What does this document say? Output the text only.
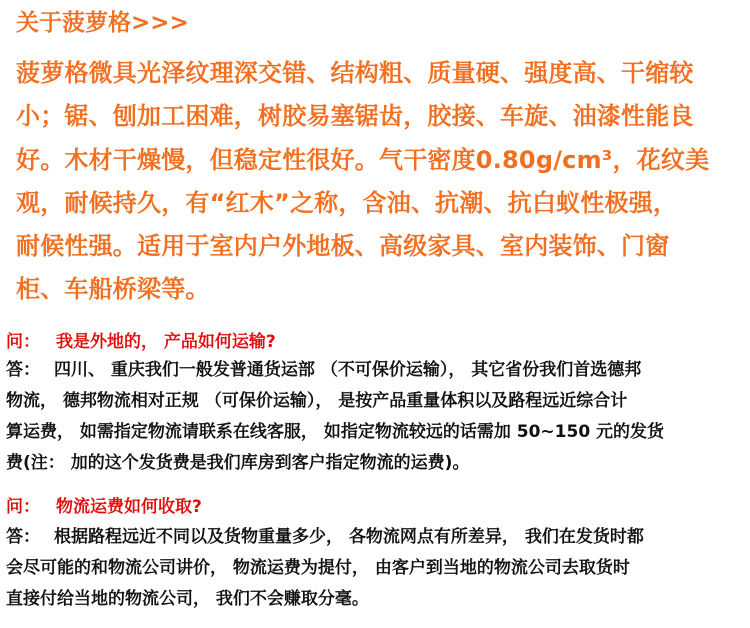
关于菠萝格>>>
菠萝格微具光泽纹理深交错、结构粗、质量硬、强度高、干缩较
小；锯、刨加工困难，树胶易塞锯齿，胶接、车旋、油漆性能良
好。木材干燥慢，但稳定性很好。气干密度0.80g/cm³，花纹美
观，耐候持久，有“红木”之称，含油、抗潮、抗白蚁性极强，
耐候性强。适用于室内户外地板、高级家具、室内装饰、门窗
柜、车船桥梁等。
问： 我是外地的， 产品如何运输?
答： 四川、 重庆我们一般发普通货运部 （不可保价运输）， 其它省份我们首选德邦
物流， 德邦物流相对正规 （可保价运输）， 是按产品重量体积以及路程远近综合计
算运费， 如需指定物流请联系在线客服， 如指定物流较远的话需加 50~150 元的发货
费(注： 加的这个发货费是我们库房到客户指定物流的运费)。
问： 物流运费如何收取?
答： 根据路程远近不同以及货物重量多少， 各物流网点有所差异， 我们在发货时都
会尽可能的和物流公司讲价， 物流运费为提付， 由客户到当地的物流公司去取货时
直接付给当地的物流公司， 我们不会赚取分毫。
